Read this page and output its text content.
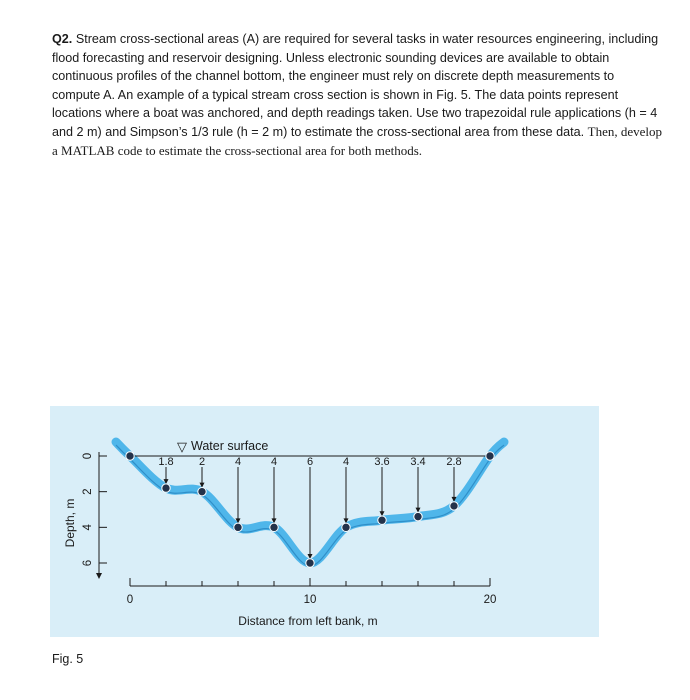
Q2. Stream cross-sectional areas (A) are required for several tasks in water resources engineering, including flood forecasting and reservoir designing. Unless electronic sounding devices are available to obtain continuous profiles of the channel bottom, the engineer must rely on discrete depth measurements to compute A. An example of a typical stream cross section is shown in Fig. 5. The data points represent locations where a boat was anchored, and depth readings taken. Use two trapezoidal rule applications (h = 4 and 2 m) and Simpson’s 1/3 rule (h = 2 m) to estimate the cross-sectional area from these data. Then, develop a MATLAB code to estimate the cross-sectional area for both methods.
1.8 2	4	4	6	4 3.6 3.4 2.8
0	10	20
0
2
4
6
▽ Water surface
Distance from left bank, m
Depth, m
Fig. 5
